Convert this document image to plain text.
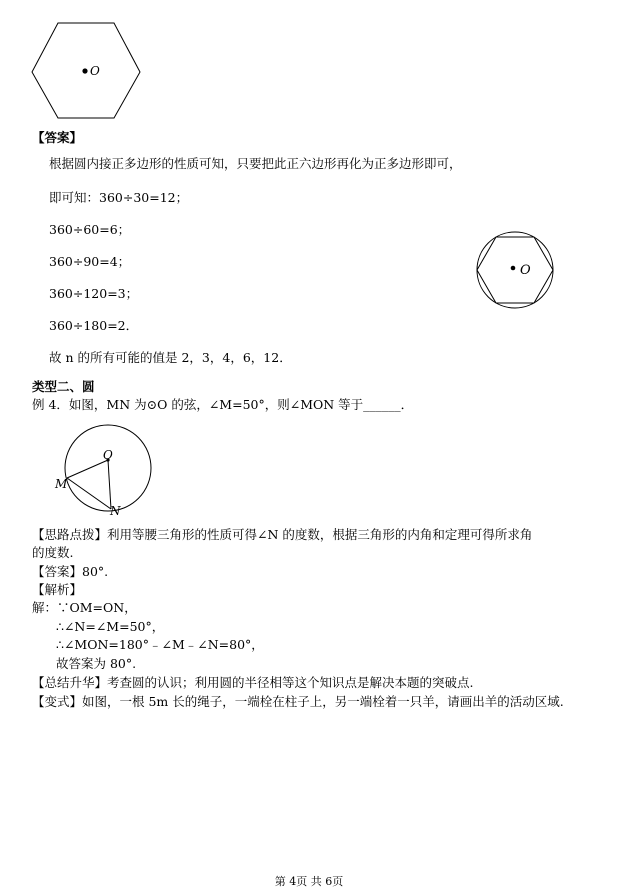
O
【答案】
根据圆内接正多边形的性质可知，只要把此正六边形再化为正多边形即可，
即可知：360÷30=12；
360÷60=6；
360÷90=4；
360÷120=3；
360÷180=2．
故 n 的所有可能的值是 2，3，4，6，12．
O
类型二、圆
例 4．如图，MN 为⊙O 的弦，∠M=50°，则∠MON 等于______．
O
M
N
【思路点拨】利用等腰三角形的性质可得∠N 的度数，根据三角形的内角和定理可得所求角
的度数.
【答案】80°.
【解析】
解：∵OM=ON，
∴∠N=∠M=50°，
∴∠MON=180°﹣∠M﹣∠N=80°，
故答案为 80°.
【总结升华】考查圆的认识；利用圆的半径相等这个知识点是解决本题的突破点.
【变式】如图，一根 5m 长的绳子，一端栓在柱子上，另一端栓着一只羊，请画出羊的活动区域.
第 4页 共 6页
